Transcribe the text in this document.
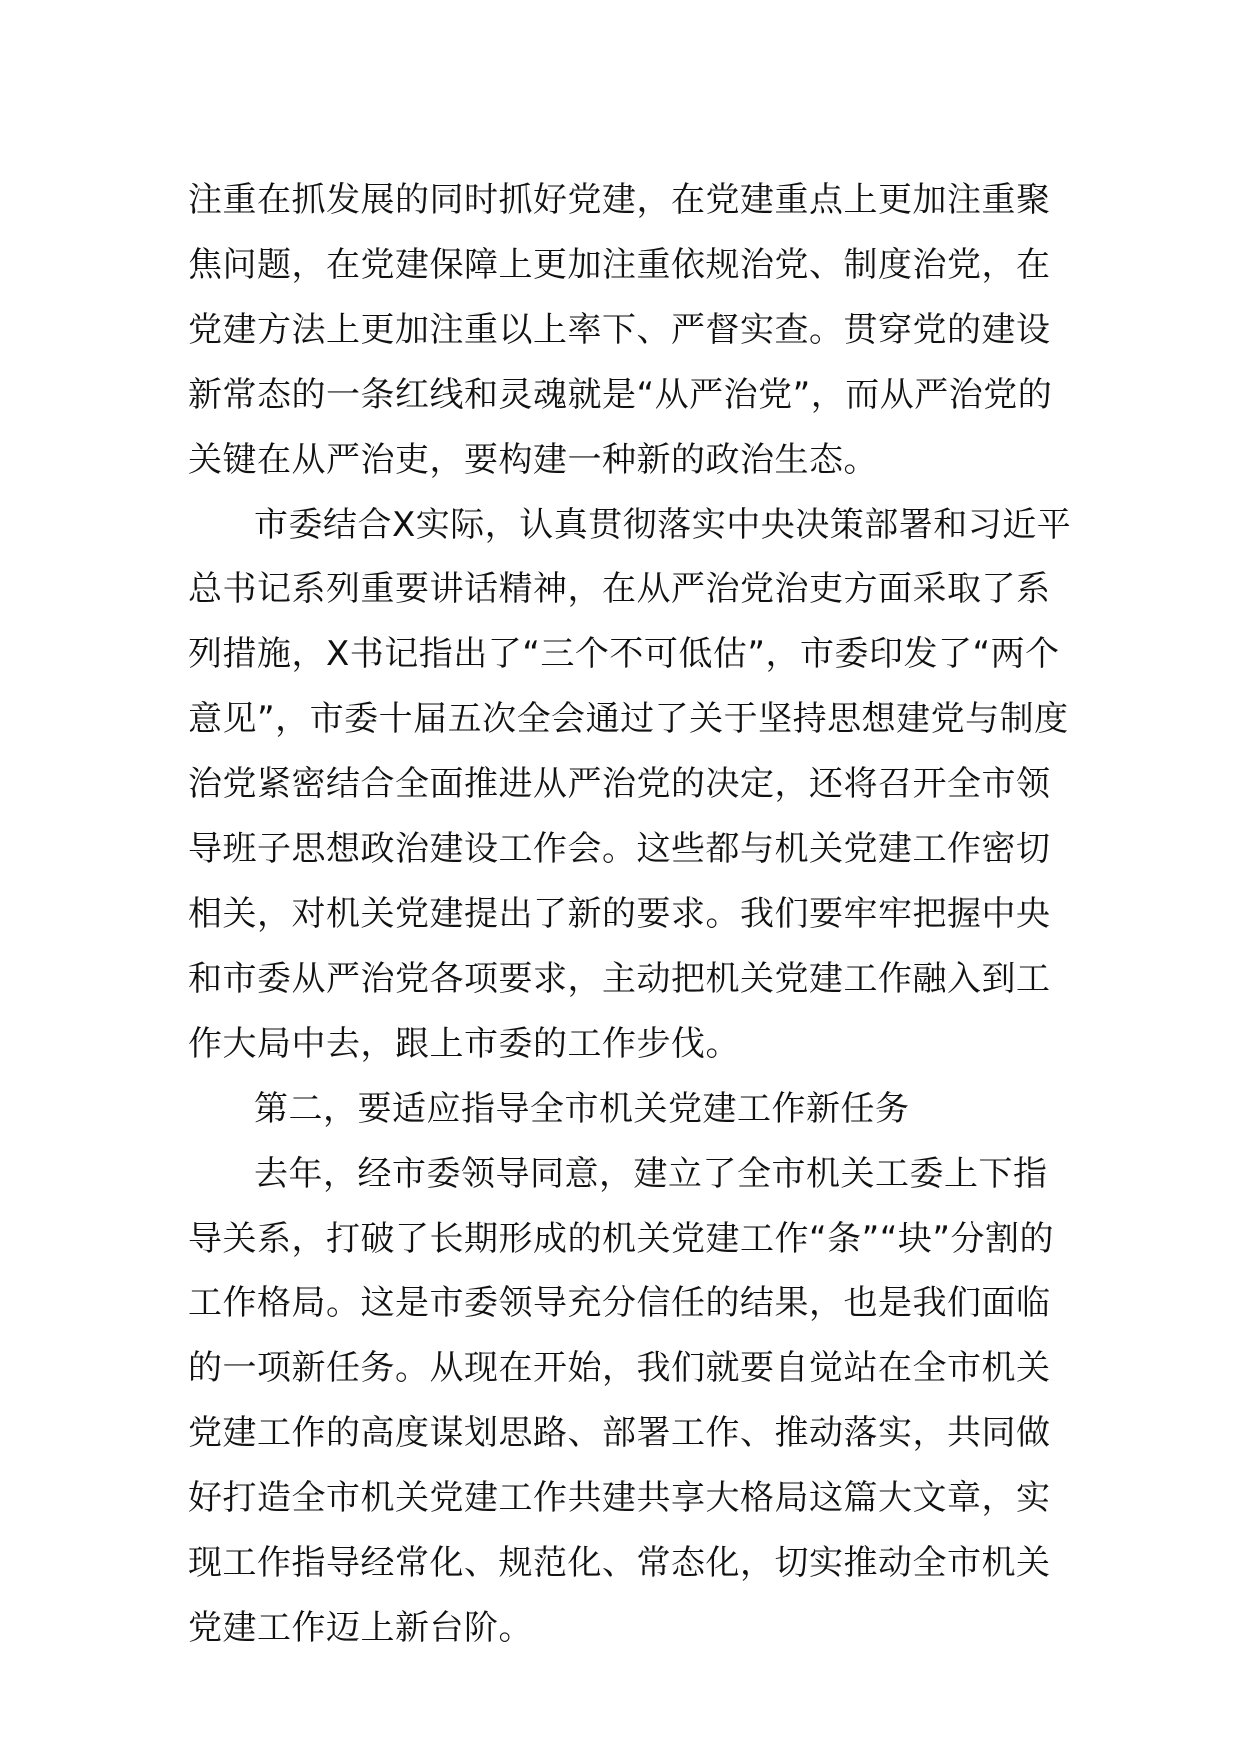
注重在抓发展的同时抓好党建，在党建重点上更加注重聚焦问题，在党建保障上更加注重依规治党、制度治党，在党建方法上更加注重以上率下、严督实查。贯穿党的建设新常态的一条红线和灵魂就是“从严治党”，而从严治党的关键在从严治吏，要构建一种新的政治生态。

市委结合X实际，认真贯彻落实中央决策部署和习近平总书记系列重要讲话精神，在从严治党治吏方面采取了系列措施，X书记指出了“三个不可低估”，市委印发了“两个意见”，市委十届五次全会通过了关于坚持思想建党与制度治党紧密结合全面推进从严治党的决定，还将召开全市领导班子思想政治建设工作会。这些都与机关党建工作密切相关，对机关党建提出了新的要求。我们要牢牢把握中央和市委从严治党各项要求，主动把机关党建工作融入到工作大局中去，跟上市委的工作步伐。

第二，要适应指导全市机关党建工作新任务

去年，经市委领导同意，建立了全市机关工委上下指导关系，打破了长期形成的机关党建工作“条”“块”分割的工作格局。这是市委领导充分信任的结果，也是我们面临的一项新任务。从现在开始，我们就要自觉站在全市机关党建工作的高度谋划思路、部署工作、推动落实，共同做好打造全市机关党建工作共建共享大格局这篇大文章，实现工作指导经常化、规范化、常态化，切实推动全市机关党建工作迈上新台阶。
